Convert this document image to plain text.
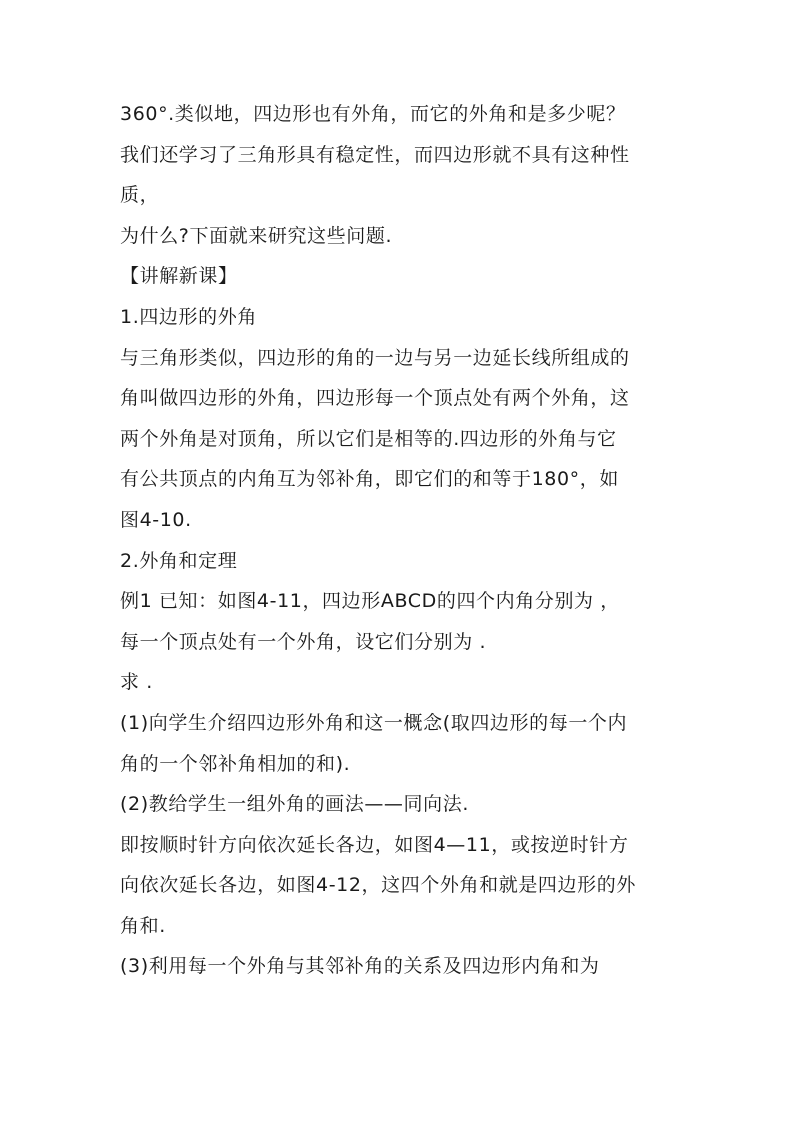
360°.类似地，四边形也有外角，而它的外角和是多少呢？

我们还学习了三角形具有稳定性，而四边形就不具有这种性

质，

为什么?下面就来研究这些问题.

【讲解新课】

1.四边形的外角

与三角形类似，四边形的角的一边与另一边延长线所组成的

角叫做四边形的外角，四边形每一个顶点处有两个外角，这

两个外角是对顶角，所以它们是相等的.四边形的外角与它

有公共顶点的内角互为邻补角，即它们的和等于180°，如

图4-10.

2.外角和定理

例1 已知：如图4-11，四边形ABCD的四个内角分别为 ，

每一个顶点处有一个外角，设它们分别为 .

求 .

(1)向学生介绍四边形外角和这一概念(取四边形的每一个内

角的一个邻补角相加的和).

(2)教给学生一组外角的画法——同向法.

即按顺时针方向依次延长各边，如图4—11，或按逆时针方

向依次延长各边，如图4-12，这四个外角和就是四边形的外

角和.

(3)利用每一个外角与其邻补角的关系及四边形内角和为
